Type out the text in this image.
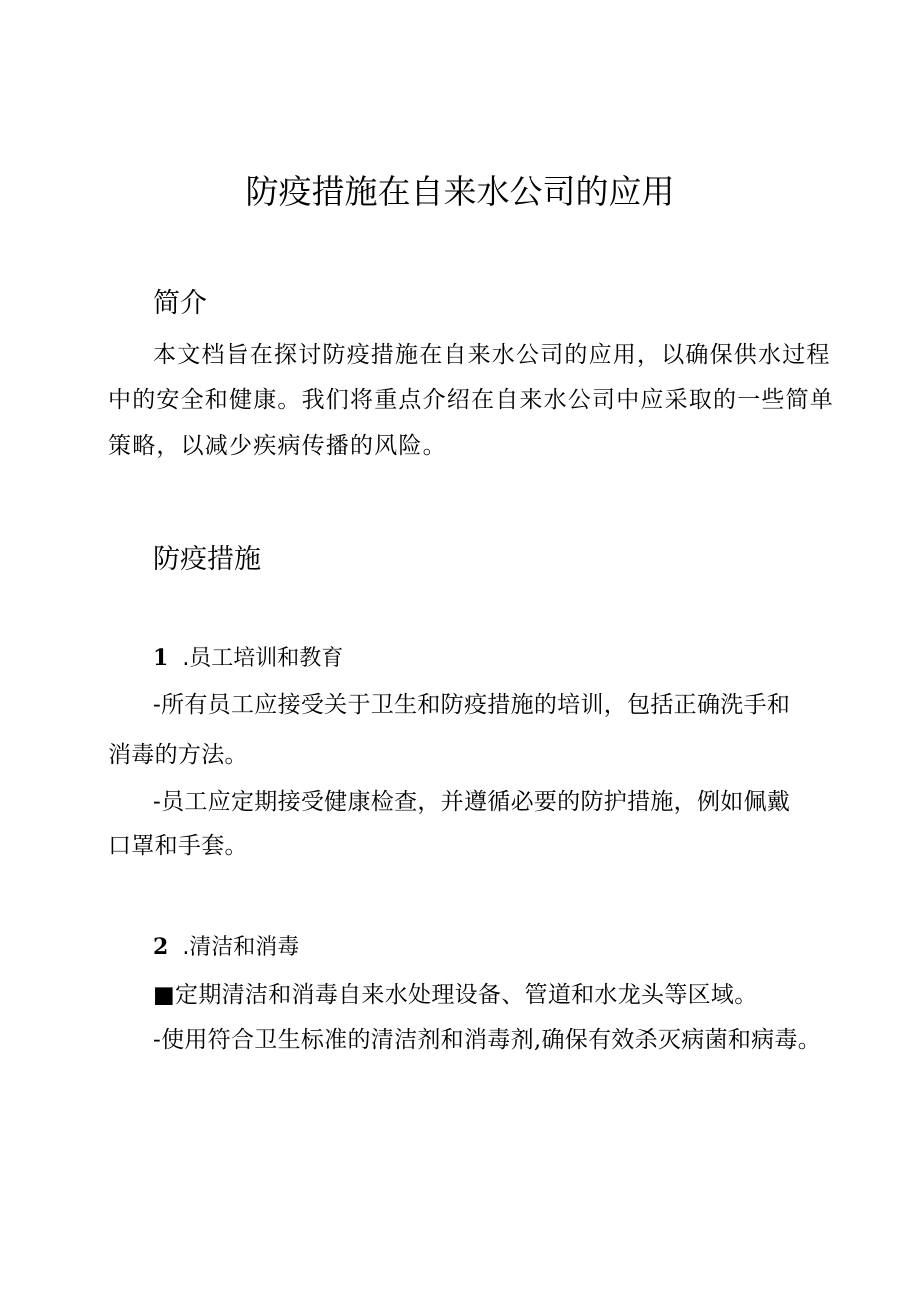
防疫措施在自来水公司的应用
简介

本文档旨在探讨防疫措施在自来水公司的应用，以确保供水过程

中的安全和健康。我们将重点介绍在自来水公司中应采取的一些简单

策略，以减少疾病传播的风险。

防疫措施
1 .员工培训和教育

-所有员工应接受关于卫生和防疫措施的培训，包括正确洗手和

消毒的方法。

-员工应定期接受健康检查，并遵循必要的防护措施，例如佩戴

口罩和手套。

2 .清洁和消毒

■定期清洁和消毒自来水处理设备、管道和水龙头等区域。

-使用符合卫生标准的清洁剂和消毒剂,确保有效杀灭病菌和病毒。
